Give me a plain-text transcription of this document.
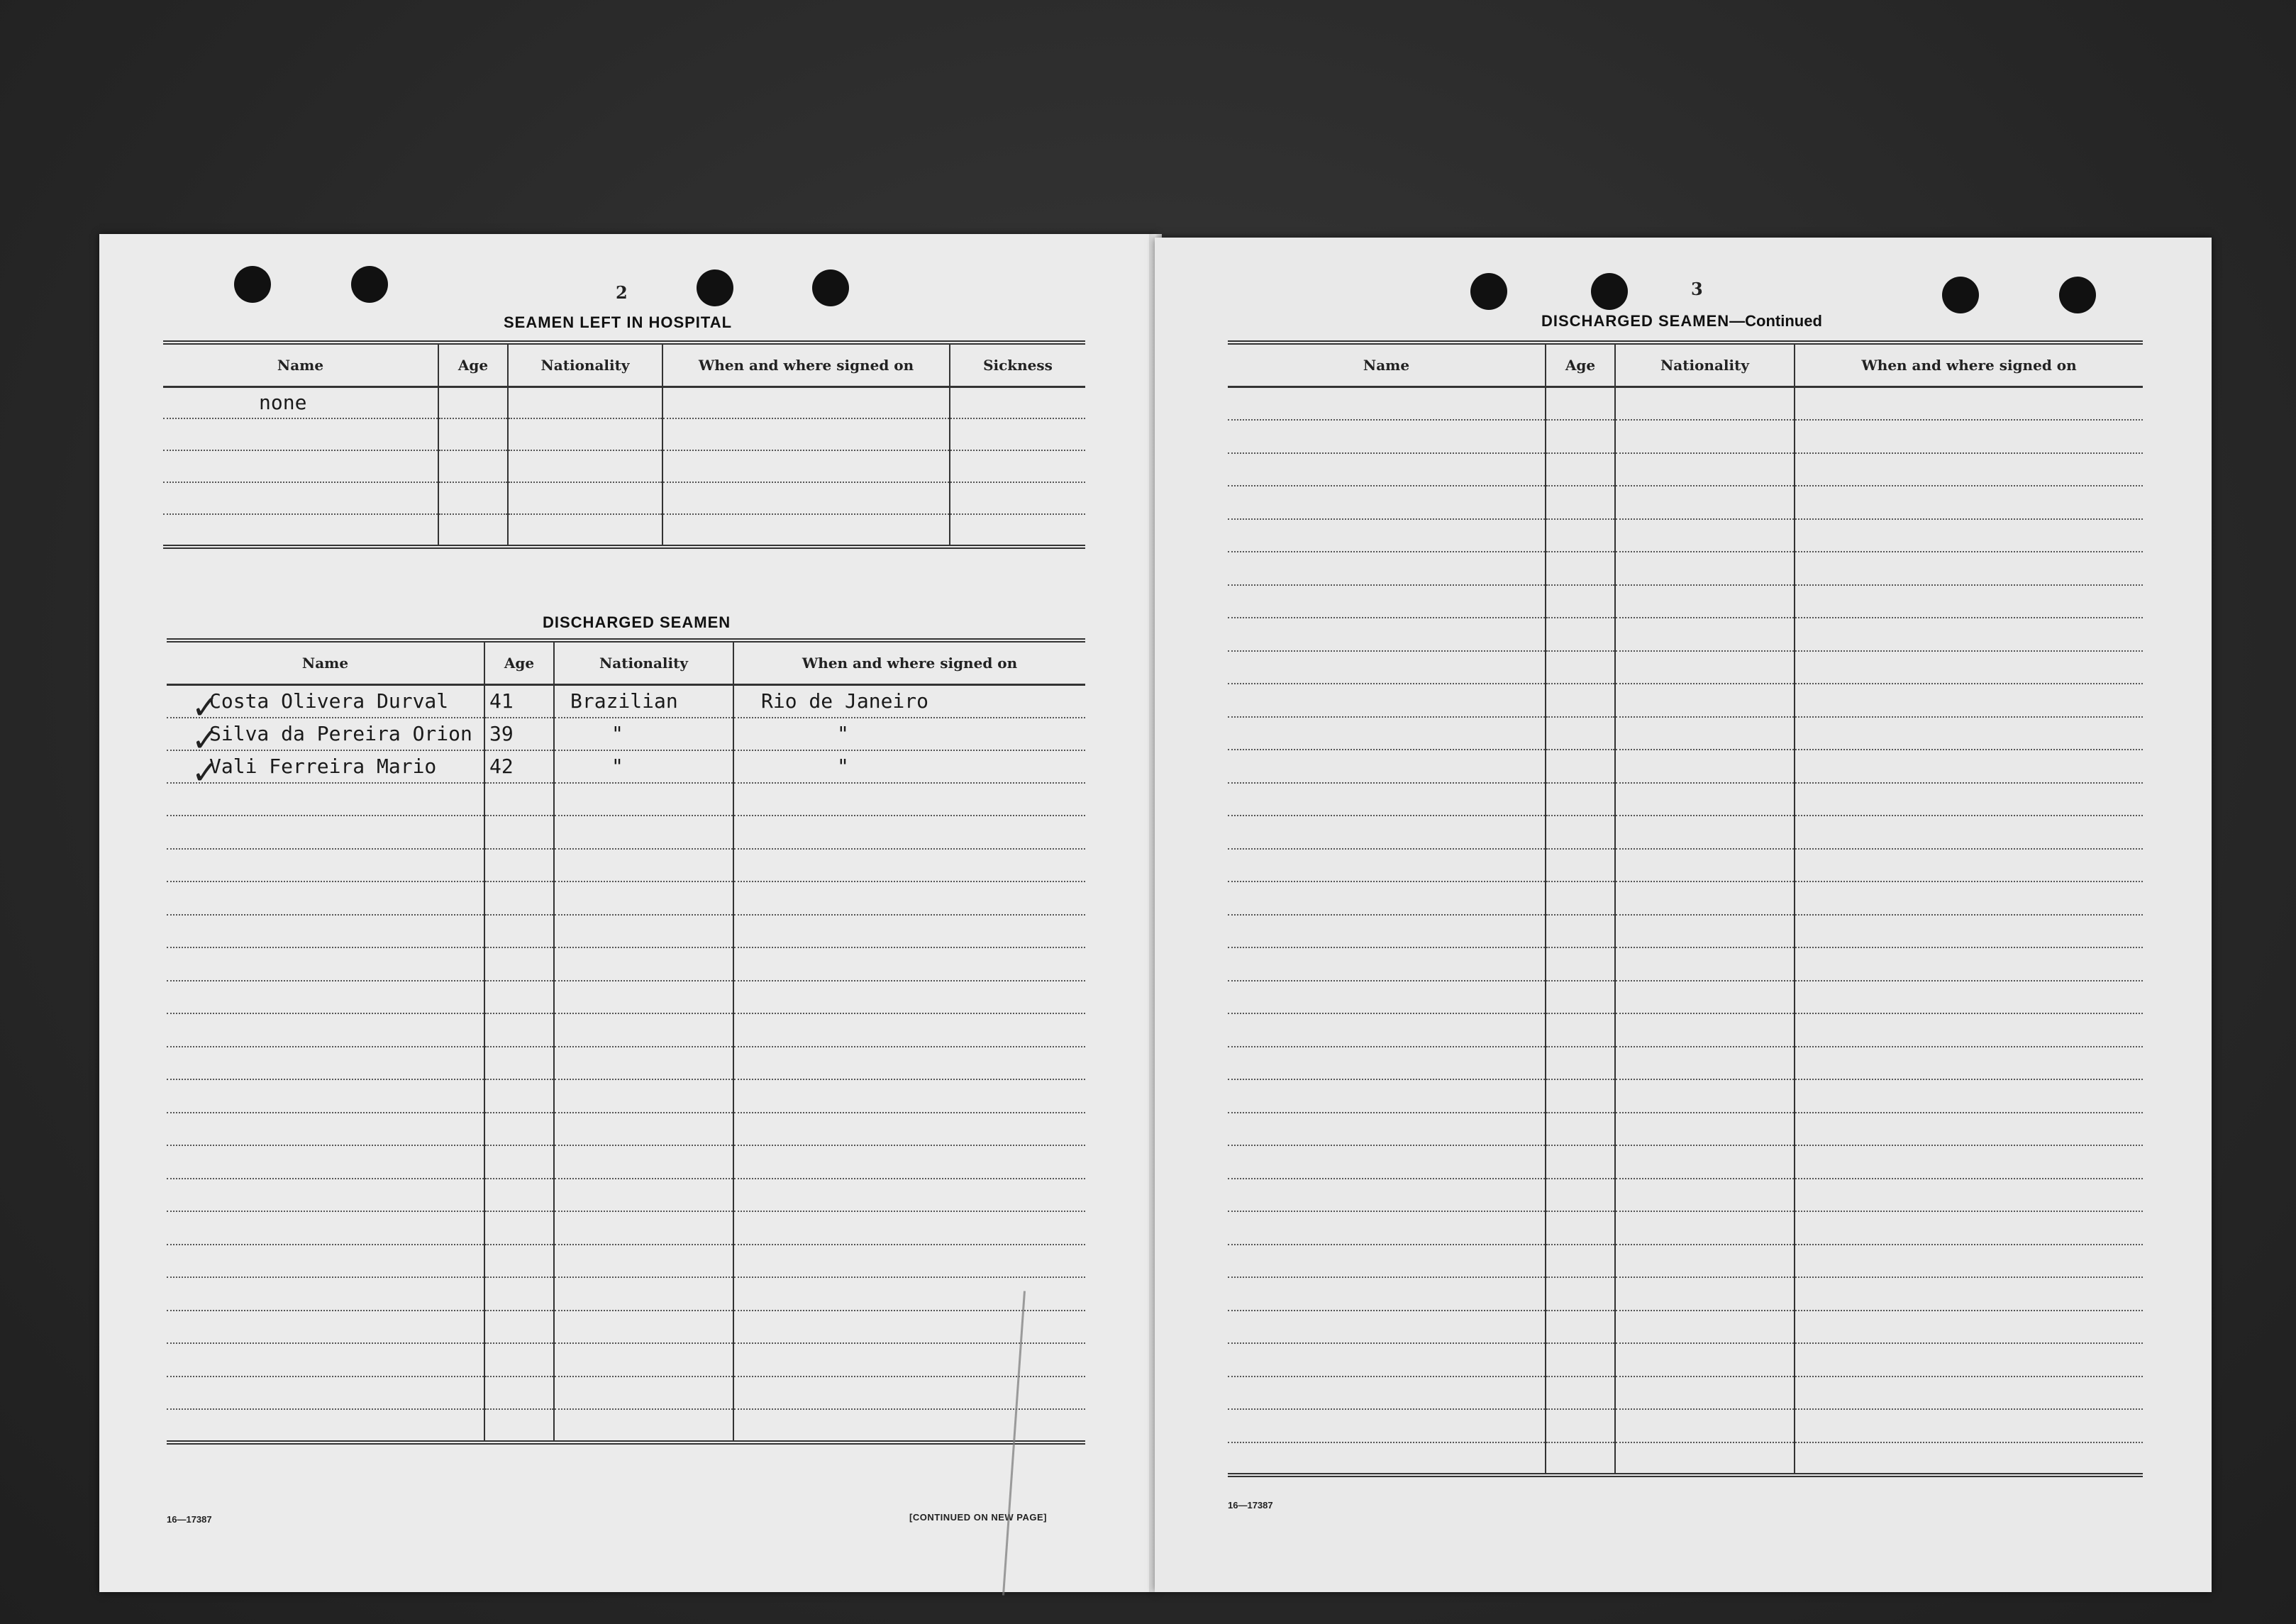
2
SEAMEN LEFT IN HOSPITAL
Name	Age	Nationality	When and where signed on	Sickness
none				

DISCHARGED SEAMEN
Name	Age	Nationality	When and where signed on
Costa Olivera Durval	41	Brazilian	Rio de Janeiro
Silva da Pereira Orion	39	"	"
Vali Ferreira Mario	42	"	"

✓
✓
✓
16—17387	[CONTINUED ON NEW PAGE]
3
DISCHARGED SEAMEN—Continued
Name	Age	Nationality	When and where signed on

16—17387
